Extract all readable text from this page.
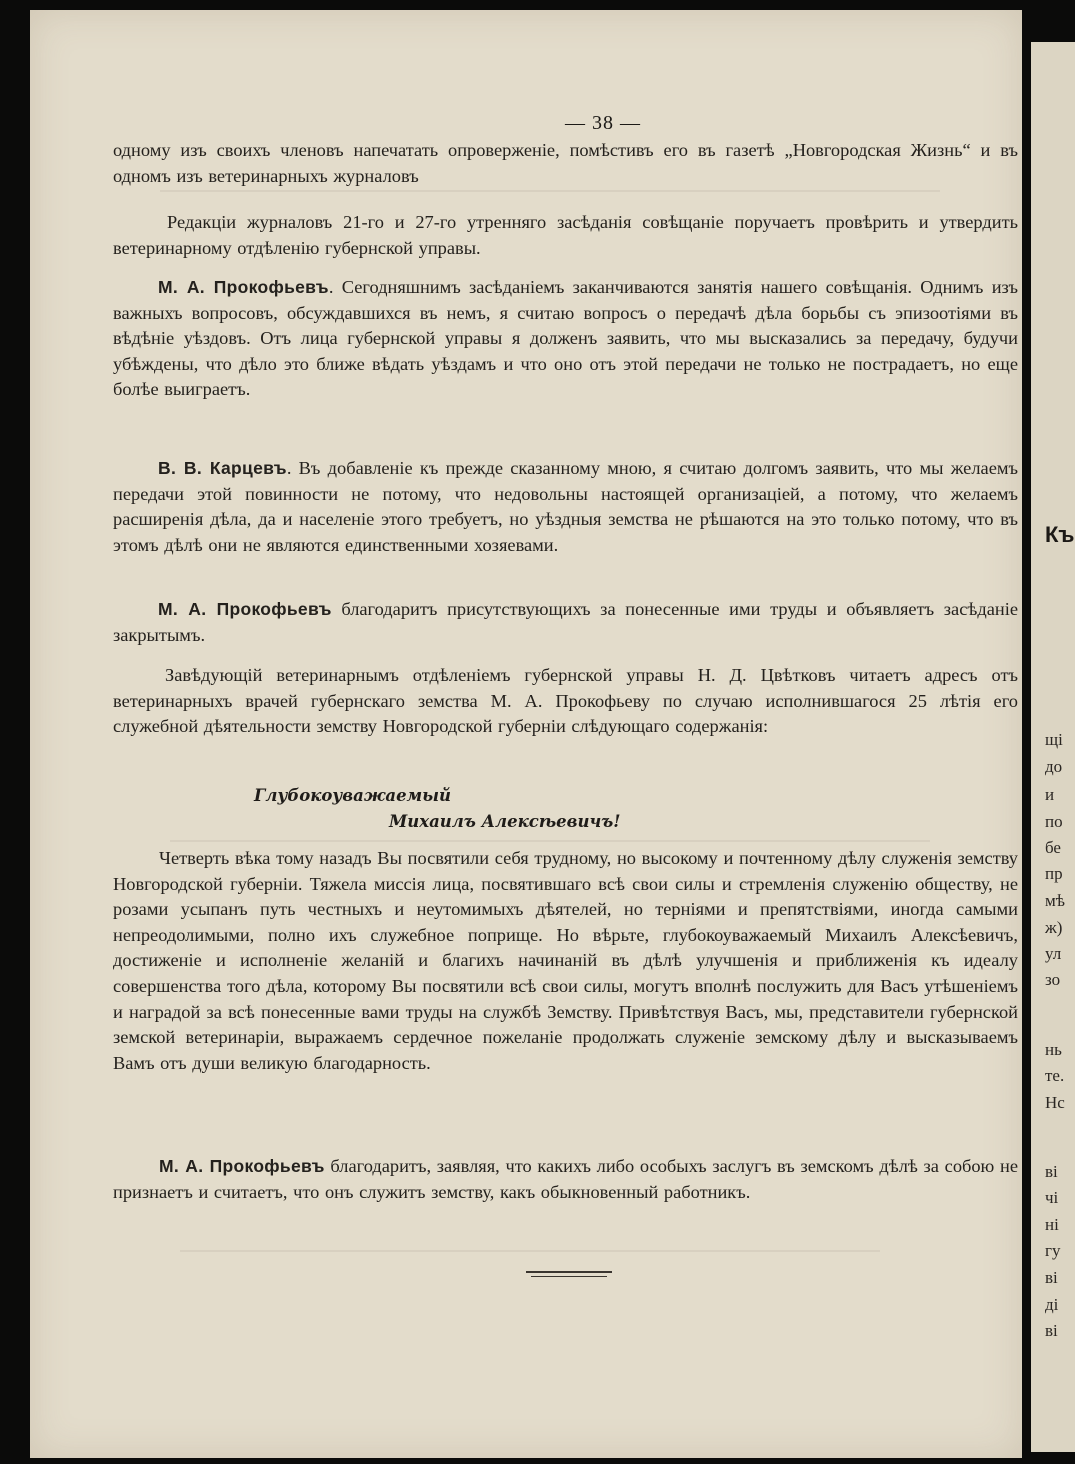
Къ
щі
до
и
по
бе
пр
мѣ
ж)
ул
зо
нь
те.
Нс
ві
чі
ні
гу
ві
ді
ві
— 38 —

одному изъ своихъ членовъ напечатать опроверженіе, помѣстивъ его въ газетѣ „Новгородская Жизнь“ и въ одномъ изъ ветеринарныхъ журналовъ

Редакціи журналовъ 21-го и 27-го утренняго засѣданія совѣщаніе поручаетъ провѣрить и утвердить ветеринарному отдѣленію губернской управы.

М. А. Прокофьевъ. Сегодняшнимъ засѣданіемъ заканчиваются занятія нашего совѣщанія. Однимъ изъ важныхъ вопросовъ, обсуждавшихся въ немъ, я считаю вопросъ о передачѣ дѣла борьбы съ эпизоотіями въ вѣдѣніе уѣздовъ. Отъ лица губернской управы я долженъ заявить, что мы высказались за передачу, будучи убѣждены, что дѣло это ближе вѣдать уѣздамъ и что оно отъ этой передачи не только не пострадаетъ, но еще болѣе выиграетъ.

В. В. Карцевъ. Въ добавленіе къ прежде сказанному мною, я считаю долгомъ заявить, что мы желаемъ передачи этой повинности не потому, что недовольны настоящей организаціей, а потому, что желаемъ расширенія дѣла, да и населеніе этого требуетъ, но уѣздныя земства не рѣшаются на это только потому, что въ этомъ дѣлѣ они не являются единственными хозяевами.

М. А. Прокофьевъ благодаритъ присутствующихъ за понесенные ими труды и объявляетъ засѣданіе закрытымъ.

Завѣдующій ветеринарнымъ отдѣленіемъ губернской управы Н. Д. Цвѣтковъ читаетъ адресъ отъ ветеринарныхъ врачей губернскаго земства М. А. Прокофьеву по случаю исполнившагося 25 лѣтія его служебной дѣятельности земству Новгородской губерніи слѣдующаго содержанія:

Глубокоуважаемый
Михаилъ Алексѣевичъ!

Четверть вѣка тому назадъ Вы посвятили себя трудному, но высокому и почтенному дѣлу служенія земству Новгородской губерніи. Тяжела миссія лица, посвятившаго всѣ свои силы и стремленія служенію обществу, не розами усыпанъ путь честныхъ и неутомимыхъ дѣятелей, но терніями и препятствіями, иногда самыми непреодолимыми, полно ихъ служебное поприще. Но вѣрьте, глубокоуважаемый Михаилъ Алексѣевичъ, достиженіе и исполненіе желаній и благихъ начинаній въ дѣлѣ улучшенія и приближенія къ идеалу совершенства того дѣла, которому Вы посвятили всѣ свои силы, могутъ вполнѣ послужить для Васъ утѣшеніемъ и наградой за всѣ понесенные вами труды на службѣ Земству. Привѣтствуя Васъ, мы, представители губернской земской ветеринаріи, выражаемъ сердечное пожеланіе продолжать служеніе земскому дѣлу и высказываемъ Вамъ отъ души великую благодарность.

М. А. Прокофьевъ благодаритъ, заявляя, что какихъ либо особыхъ заслугъ въ земскомъ дѣлѣ за собою не признаетъ и считаетъ, что онъ служитъ земству, какъ обыкновенный работникъ.
